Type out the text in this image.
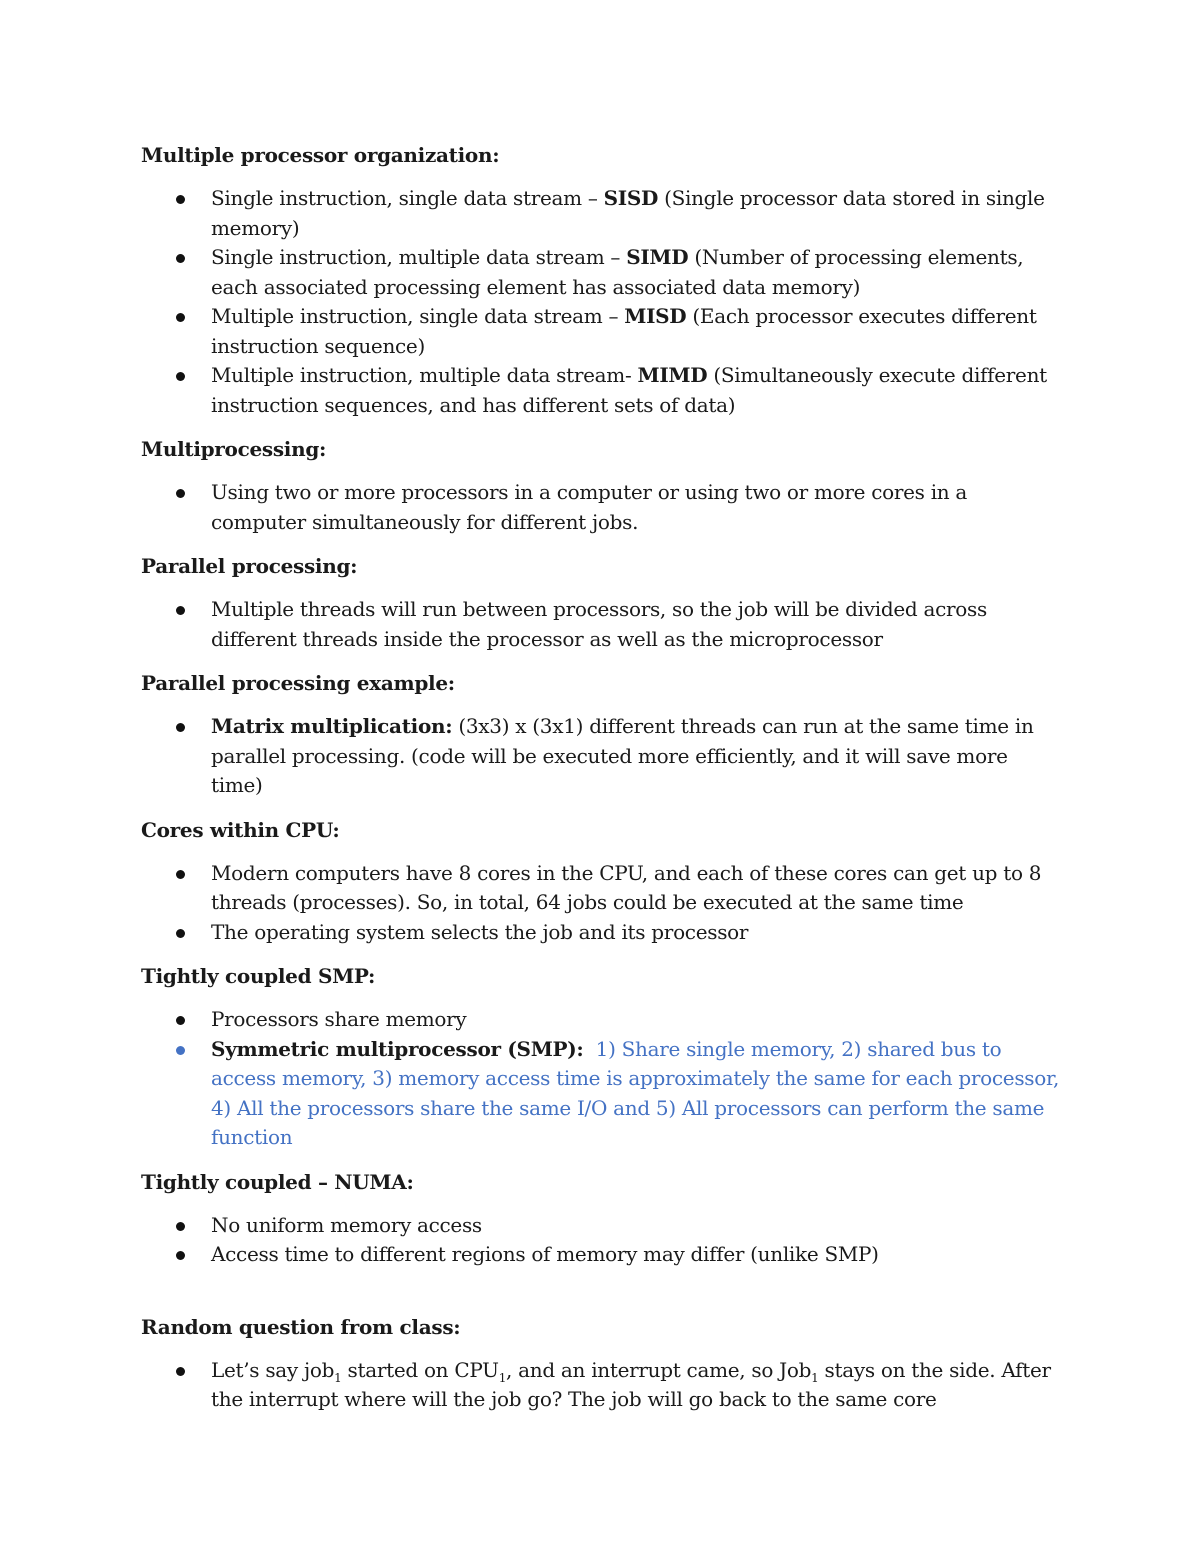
Multiple processor organization:
Single instruction, single data stream – SISD (Single processor data stored in single memory)
Single instruction, multiple data stream – SIMD (Number of processing elements, each associated processing element has associated data memory)
Multiple instruction, single data stream – MISD (Each processor executes different instruction sequence)
Multiple instruction, multiple data stream- MIMD (Simultaneously execute different instruction sequences, and has different sets of data)
Multiprocessing:
Using two or more processors in a computer or using two or more cores in a computer simultaneously for different jobs.
Parallel processing:
Multiple threads will run between processors, so the job will be divided across different threads inside the processor as well as the microprocessor
Parallel processing example:
Matrix multiplication: (3x3) x (3x1) different threads can run at the same time in parallel processing. (code will be executed more efficiently, and it will save more time)
Cores within CPU:
Modern computers have 8 cores in the CPU, and each of these cores can get up to 8 threads (processes). So, in total, 64 jobs could be executed at the same time
The operating system selects the job and its processor
Tightly coupled SMP:
Processors share memory
Symmetric multiprocessor (SMP): 1) Share single memory, 2) shared bus to access memory, 3) memory access time is approximately the same for each processor, 4) All the processors share the same I/O and 5) All processors can perform the same function
Tightly coupled – NUMA:
No uniform memory access
Access time to different regions of memory may differ (unlike SMP)
Random question from class:
Let’s say job$_1$ started on $CPU_1$, and an interrupt came, so Job$_1$ stays on the side. After the interrupt where will the job go? The job will go back to the same core
